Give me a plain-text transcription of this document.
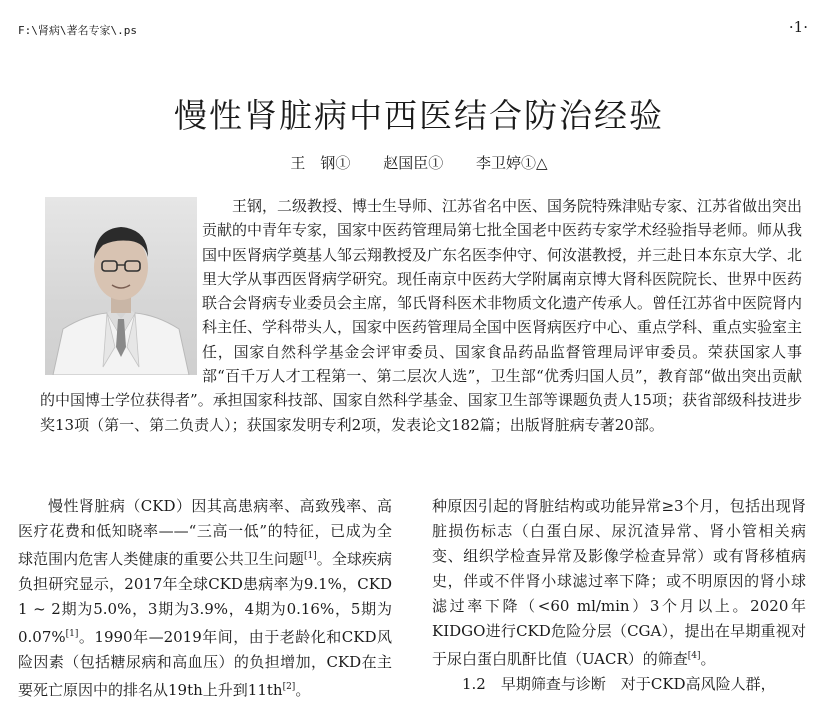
F:\肾病\著名专家\.ps	·1·
慢性肾脏病中西医结合防治经验
王　钢① 赵国臣① 李卫婷①△
王钢，二级教授、博士生导师、江苏省名中医、国务院特殊津贴专家、江苏省做出突出贡献的中青年专家，国家中医药管理局第七批全国老中医药专家学术经验指导老师。师从我国中医肾病学奠基人邹云翔教授及广东名医李仲守、何汝湛教授，并三赴日本东京大学、北里大学从事西医肾病学研究。现任南京中医药大学附属南京博大肾科医院院长、世界中医药联合会肾病专业委员会主席，邹氏肾科医术非物质文化遗产传承人。曾任江苏省中医院肾内科主任、学科带头人，国家中医药管理局全国中医肾病医疗中心、重点学科、重点实验室主任，国家自然科学基金会评审委员、国家食品药品监督管理局评审委员。荣获国家人事部“百千万人才工程第一、第二层次人选”，卫生部“优秀归国人员”，教育部“做出突出贡献的中国博士学位获得者”。承担国家科技部、国家自然科学基金、国家卫生部等课题负责人15项；获省部级科技进步奖13项（第一、第二负责人）；获国家发明专利2项，发表论文182篇；出版肾脏病专著20部。

慢性肾脏病（CKD）因其高患病率、高致残率、高医疗花费和低知晓率——“三高一低”的特征，已成为全球范围内危害人类健康的重要公共卫生问题[1]。全球疾病负担研究显示，2017年全球CKD患病率为9.1%，CKD 1 ~ 2期为5.0%，3期为3.9%，4期为0.16%，5期为0.07%[1]。1990年—2019年间，由于老龄化和CKD风险因素（包括糖尿病和高血压）的负担增加，CKD在主要死亡原因中的排名从19th上升到11th[2]。

种原因引起的肾脏结构或功能异常≥3个月，包括出现肾脏损伤标志（白蛋白尿、尿沉渣异常、肾小管相关病变、组织学检查异常及影像学检查异常）或有肾移植病史，伴或不伴肾小球滤过率下降；或不明原因的肾小球滤过率下降（<60 ml/min）3个月以上。2020年KIDGO进行CKD危险分层（CGA），提出在早期重视对于尿白蛋白肌酐比值（UACR）的筛查[4]。

1.2　早期筛查与诊断　对于CKD高风险人群，
